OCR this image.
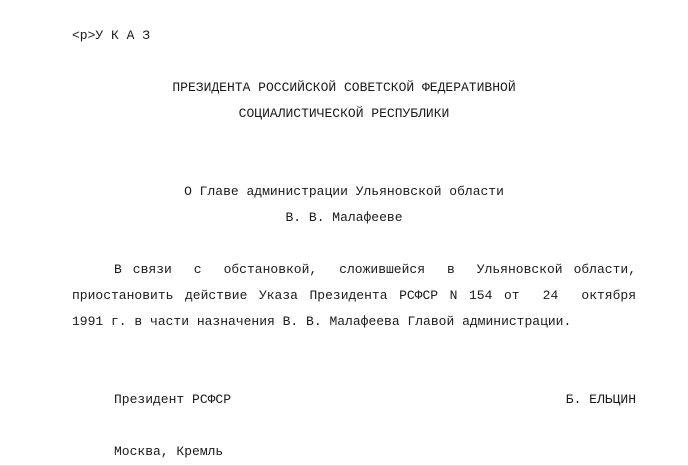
<p>У К А З
ПРЕЗИДЕНТА РОССИЙСКОЙ СОВЕТСКОЙ ФЕДЕРАТИВНОЙ
СОЦИАЛИСТИЧЕСКОЙ РЕСПУБЛИКИ
О Главе администрации Ульяновской области
В. В. Малафееве
В связи  с  обстановкой,  сложившейся  в  Ульяновской области,
приостановить действие Указа Президента РСФСР N 154 от  24  октября
1991 г. в части назначения В. В. Малафеева Главой администрации.
Президент РСФСР	Б. ЕЛЬЦИН
Москва, Кремль
